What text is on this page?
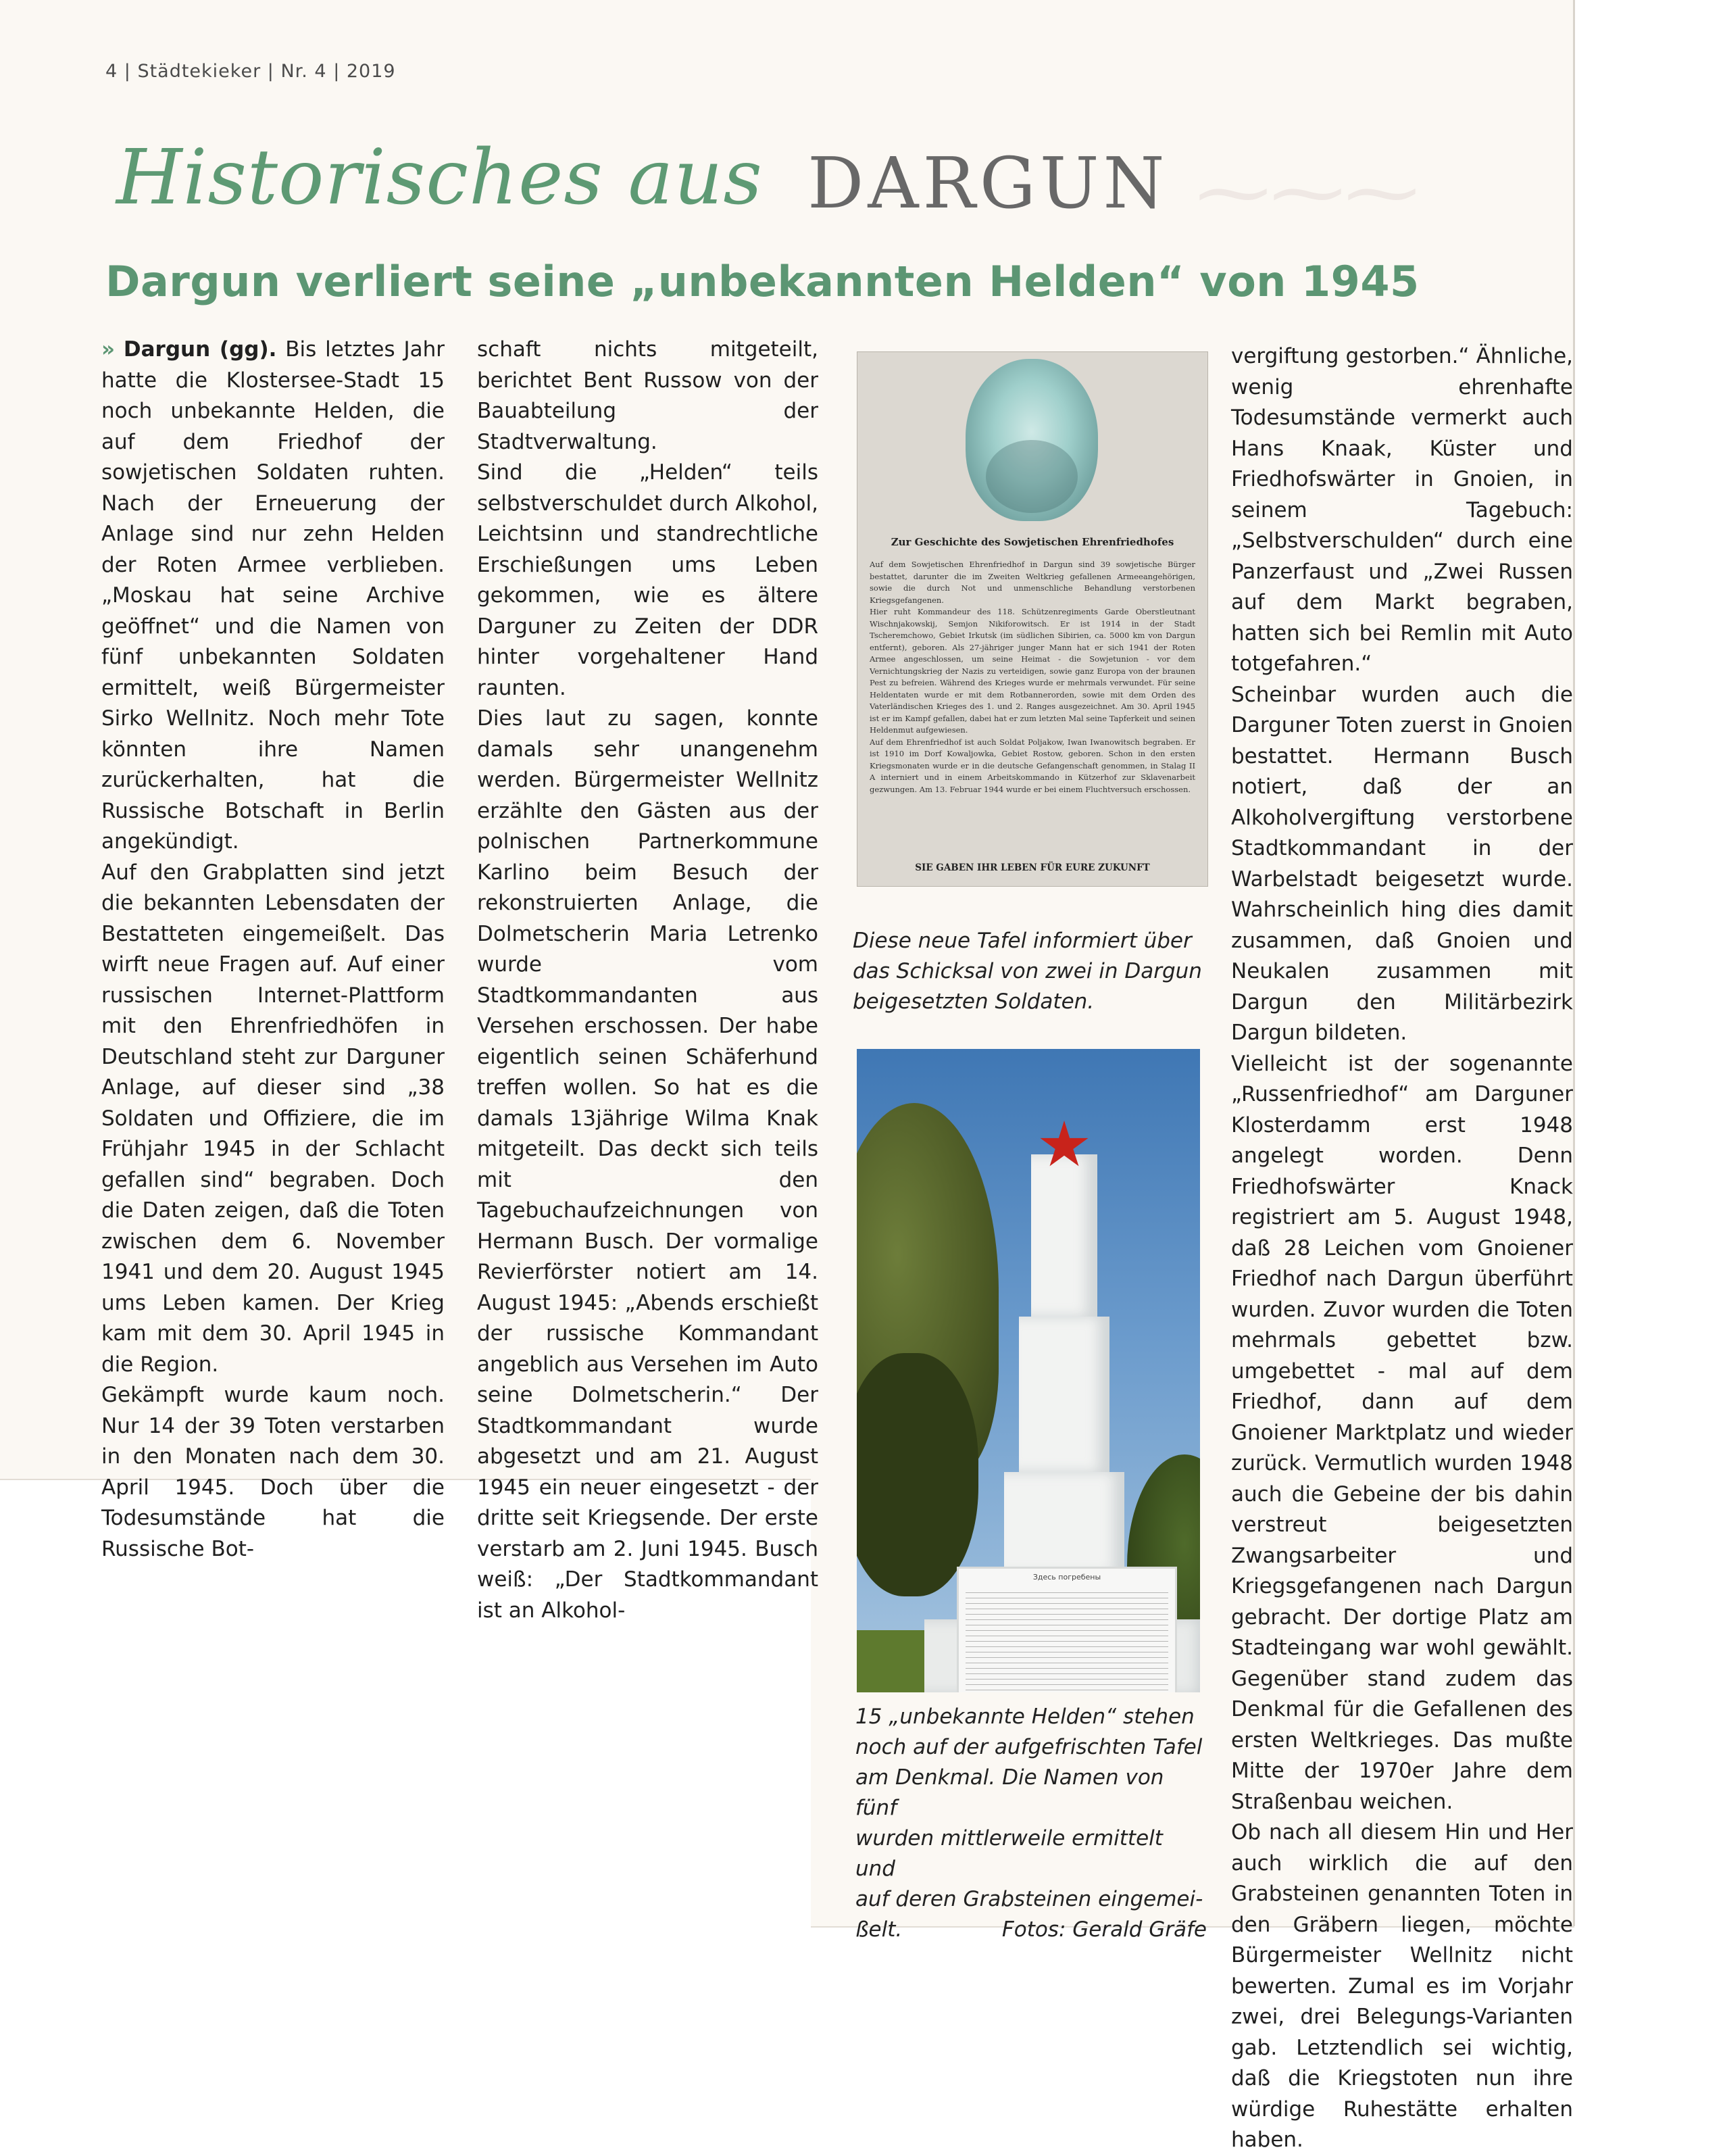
⁓⁓⁓
4 | Städtekieker | Nr. 4 | 2019
Historisches aus DARGUN
Dargun verliert seine „unbekannten Helden“ von 1945

» Dargun (gg). Bis letztes Jahr hatte die Klostersee-Stadt 15 noch unbekannte Helden, die auf dem Friedhof der sowjetischen Soldaten ruhten. Nach der Erneuerung der Anlage sind nur zehn Helden der Roten Armee verblieben. „Moskau hat seine Archive geöffnet“ und die Namen von fünf unbekannten Soldaten ermittelt, weiß Bürgermeister Sirko Wellnitz. Noch mehr Tote könnten ihre Namen zurückerhalten, hat die Russische Botschaft in Berlin angekündigt.

Auf den Grabplatten sind jetzt die bekannten Lebensdaten der Bestatteten eingemeißelt. Das wirft neue Fragen auf. Auf einer russischen Internet-Plattform mit den Ehrenfriedhöfen in Deutschland steht zur Darguner Anlage, auf dieser sind „38 Soldaten und Offiziere, die im Frühjahr 1945 in der Schlacht gefallen sind“ begraben. Doch die Daten zeigen, daß die Toten zwischen dem 6. November 1941 und dem 20. August 1945 ums Leben kamen. Der Krieg kam mit dem 30. April 1945 in die Region.

Gekämpft wurde kaum noch. Nur 14 der 39 Toten verstarben in den Monaten nach dem 30. April 1945. Doch über die Todesumstände hat die Russische Bot-

schaft nichts mitgeteilt, berichtet Bent Russow von der Bauabteilung der Stadtverwaltung.

Sind die „Helden“ teils selbstverschuldet durch Alkohol, Leichtsinn und standrechtliche Erschießungen ums Leben gekommen, wie es ältere Darguner zu Zeiten der DDR hinter vorgehaltener Hand raunten.

Dies laut zu sagen, konnte damals sehr unangenehm werden. Bürgermeister Wellnitz erzählte den Gästen aus der polnischen Partnerkommune Karlino beim Besuch der rekonstruierten Anlage, die Dolmetscherin Maria Letrenko wurde vom Stadtkommandanten aus Versehen erschossen. Der habe eigentlich seinen Schäferhund treffen wollen. So hat es die damals 13jährige Wilma Knak mitgeteilt. Das deckt sich teils mit den Tagebuchaufzeichnungen von Hermann Busch. Der vormalige Revierförster notiert am 14. August 1945: „Abends erschießt der russische Kommandant angeblich aus Versehen im Auto seine Dolmetscherin.“ Der Stadtkommandant wurde abgesetzt und am 21. August 1945 ein neuer eingesetzt - der dritte seit Kriegsende. Der erste verstarb am 2. Juni 1945. Busch weiß: „Der Stadtkommandant ist an Alkohol-

Zur Geschichte des Sowjetischen Ehrenfriedhofes

Auf dem Sowjetischen Ehrenfriedhof in Dargun sind 39 sowjetische Bürger bestattet, darunter die im Zweiten Weltkrieg gefallenen Armeeangehörigen, sowie die durch Not und unmenschliche Behandlung verstorbenen Kriegsgefangenen.

Hier ruht Kommandeur des 118. Schützenregiments Garde Oberstleutnant Wischnjakowskij, Semjon Nikiforowitsch. Er ist 1914 in der Stadt Tscheremchowo, Gebiet Irkutsk (im südlichen Sibirien, ca. 5000 km von Dargun entfernt), geboren. Als 27-jähriger junger Mann hat er sich 1941 der Roten Armee angeschlossen, um seine Heimat - die Sowjetunion - vor dem Vernichtungskrieg der Nazis zu verteidigen, sowie ganz Europa von der braunen Pest zu befreien. Während des Krieges wurde er mehrmals verwundet. Für seine Heldentaten wurde er mit dem Rotbannerorden, sowie mit dem Orden des Vaterländischen Krieges des 1. und 2. Ranges ausgezeichnet. Am 30. April 1945 ist er im Kampf gefallen, dabei hat er zum letzten Mal seine Tapferkeit und seinen Heldenmut aufgewiesen.

Auf dem Ehrenfriedhof ist auch Soldat Poljakow, Iwan Iwanowitsch begraben. Er ist 1910 im Dorf Kowaljowka, Gebiet Rostow, geboren. Schon in den ersten Kriegsmonaten wurde er in die deutsche Gefangenschaft genommen, in Stalag II A interniert und in einem Arbeitskommando in Kützerhof zur Sklavenarbeit gezwungen. Am 13. Februar 1944 wurde er bei einem Fluchtversuch erschossen.

SIE GABEN IHR LEBEN FÜR EURE ZUKUNFT
Diese neue Tafel informiert über das Schicksal von zwei in Dargun beigesetzten Soldaten.
Здесь погребены
15 „unbekannte Helden“ stehen
noch auf der aufgefrischten Tafel
am Denkmal. Die Namen von fünf
wurden mittlerweile ermittelt und
auf deren Grabsteinen eingemei-
ßelt.	Fotos: Gerald Gräfe

vergiftung gestorben.“ Ähnliche, wenig ehrenhafte Todesumstände vermerkt auch Hans Knaak, Küster und Friedhofswärter in Gnoien, in seinem Tagebuch: „Selbstverschulden“ durch eine Panzerfaust und „Zwei Russen auf dem Markt begraben, hatten sich bei Remlin mit Auto totgefahren.“

Scheinbar wurden auch die Darguner Toten zuerst in Gnoien bestattet. Hermann Busch notiert, daß der an Alkoholvergiftung verstorbene Stadtkommandant in der Warbelstadt beigesetzt wurde. Wahrscheinlich hing dies damit zusammen, daß Gnoien und Neukalen zusammen mit Dargun den Militärbezirk Dargun bildeten.

Vielleicht ist der sogenannte „Russenfriedhof“ am Darguner Klosterdamm erst 1948 angelegt worden. Denn Friedhofswärter Knack registriert am 5. August 1948, daß 28 Leichen vom Gnoiener Friedhof nach Dargun überführt wurden. Zuvor wurden die Toten mehrmals gebettet bzw. umgebettet - mal auf dem Friedhof, dann auf dem Gnoiener Marktplatz und wieder zurück. Vermutlich wurden 1948 auch die Gebeine der bis dahin verstreut beigesetzten Zwangsarbeiter und Kriegsgefangenen nach Dargun gebracht. Der dortige Platz am Stadteingang war wohl gewählt. Gegenüber stand zudem das Denkmal für die Gefallenen des ersten Weltkrieges. Das mußte Mitte der 1970er Jahre dem Straßenbau weichen.

Ob nach all diesem Hin und Her auch wirklich die auf den Grabsteinen genannten Toten in den Gräbern liegen, möchte Bürgermeister Wellnitz nicht bewerten. Zumal es im Vorjahr zwei, drei Belegungs-Varianten gab. Letztendlich sei wichtig, daß die Kriegstoten nun ihre würdige Ruhestätte erhalten haben.
